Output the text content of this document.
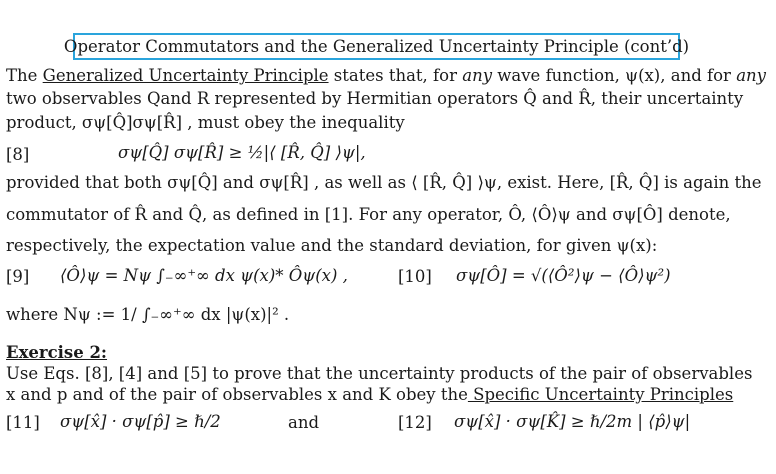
Operator Commutators and the Generalized Uncertainty Principle (cont’d)
The Generalized Uncertainty Principle states that, for any wave function, ψ(x), and for any
two observables Qand R represented by Hermitian operators Q̂ and R̂, their uncertainty
product, σψ[Q̂]σψ[R̂] , must obey the inequality
[8]	σψ[Q̂] σψ[R̂] ≥ ½|⟨ [R̂, Q̂] ⟩ψ|,
provided that both σψ[Q̂] and σψ[R̂] , as well as ⟨ [R̂, Q̂] ⟩ψ, exist. Here, [R̂, Q̂] is again the
commutator of R̂ and Q̂, as defined in [1]. For any operator, Ô, ⟨Ô⟩ψ and σψ[Ô] denote,
respectively, the expectation value and the standard deviation, for given ψ(x):
[9] ⟨Ô⟩ψ = Nψ ∫₋∞⁺∞ dx ψ(x)* Ôψ(x) ,	[10] σψ[Ô] = √(⟨Ô²⟩ψ − ⟨Ô⟩ψ²)
where Nψ := 1/ ∫₋∞⁺∞ dx |ψ(x)|² .
Exercise 2:
Use Eqs. [8], [4] and [5] to prove that the uncertainty products of the pair of observables
x and p and of the pair of observables x and K obey the Specific Uncertainty Principles
[11] σψ[x̂] · σψ[p̂] ≥ ℏ/2	and	[12] σψ[x̂] · σψ[K̂] ≥ ℏ/2m | ⟨p̂⟩ψ|
